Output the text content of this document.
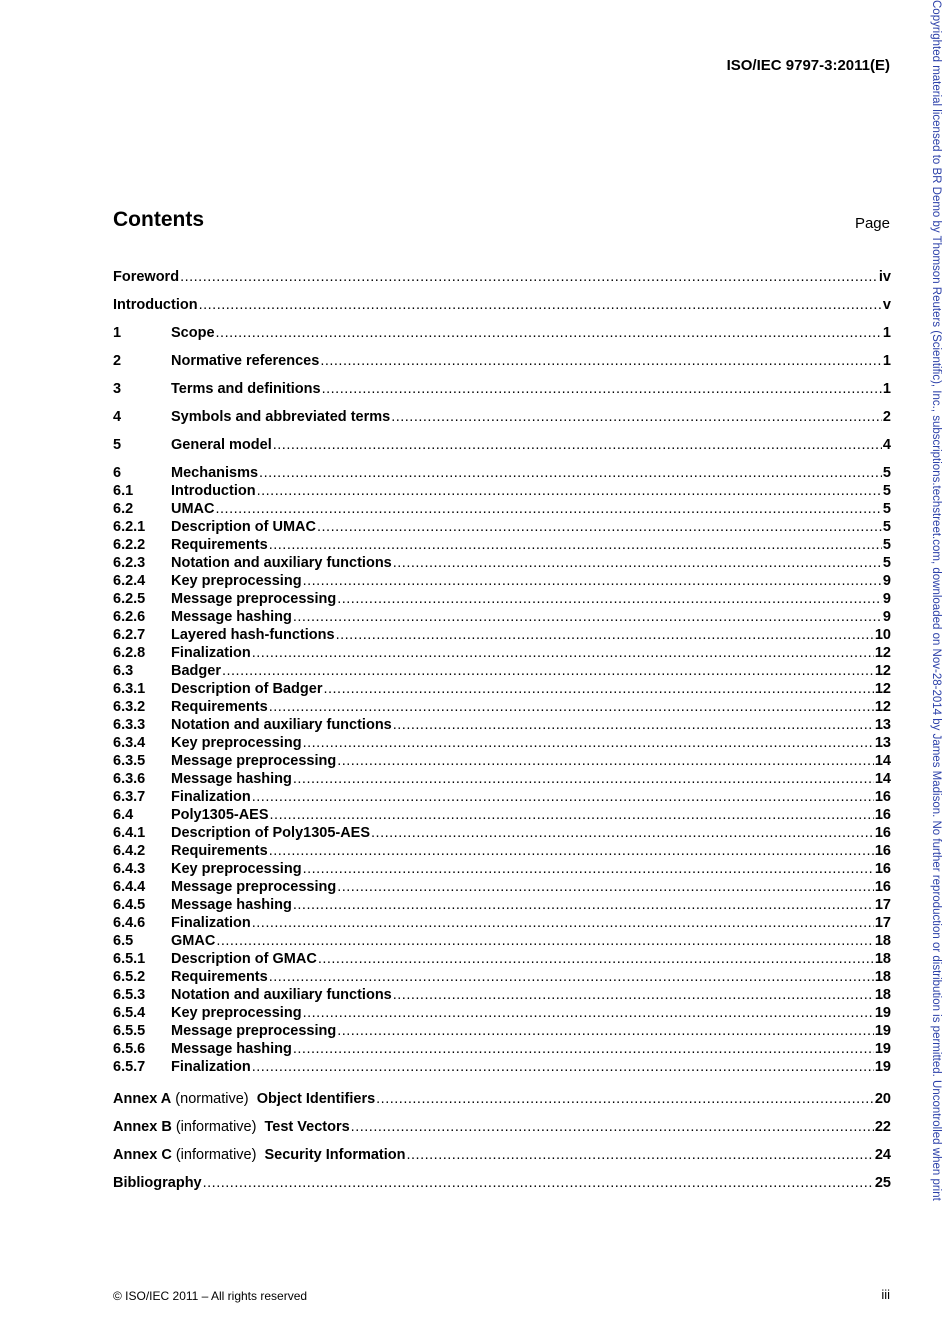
ISO/IEC 9797-3:2011(E)
Contents	Page
Foreword .....	iv
Introduction .....	v
1	Scope .....	1
2	Normative references .....	1
3	Terms and definitions .....	1
4	Symbols and abbreviated terms .....	2
5	General model .....	4
6	Mechanisms .....	5
6.1	Introduction .....	5
6.2	UMAC .....	5
6.2.1	Description of UMAC .....	5
6.2.2	Requirements .....	5
6.2.3	Notation and auxiliary functions .....	5
6.2.4	Key preprocessing .....	9
6.2.5	Message preprocessing .....	9
6.2.6	Message hashing .....	9
6.2.7	Layered hash-functions .....	10
6.2.8	Finalization .....	12
6.3	Badger .....	12
6.3.1	Description of Badger .....	12
6.3.2	Requirements .....	12
6.3.3	Notation and auxiliary functions .....	13
6.3.4	Key preprocessing .....	13
6.3.5	Message preprocessing .....	14
6.3.6	Message hashing .....	14
6.3.7	Finalization .....	16
6.4	Poly1305-AES .....	16
6.4.1	Description of Poly1305-AES .....	16
6.4.2	Requirements .....	16
6.4.3	Key preprocessing .....	16
6.4.4	Message preprocessing .....	16
6.4.5	Message hashing .....	17
6.4.6	Finalization .....	17
6.5	GMAC .....	18
6.5.1	Description of GMAC .....	18
6.5.2	Requirements .....	18
6.5.3	Notation and auxiliary functions .....	18
6.5.4	Key preprocessing .....	19
6.5.5	Message preprocessing .....	19
6.5.6	Message hashing .....	19
6.5.7	Finalization .....	19
Annex A (normative)  Object Identifiers .....	20
Annex B (informative)  Test Vectors .....	22
Annex C (informative)  Security Information .....	24
Bibliography .....	25
© ISO/IEC 2011 – All rights reserved	iii
Copyrighted material licensed to BR Demo by Thomson Reuters (Scientific), Inc., subscriptions.techstreet.com, downloaded on Nov-28-2014 by James Madison. No further reproduction or distribution is permitted. Uncontrolled when print
